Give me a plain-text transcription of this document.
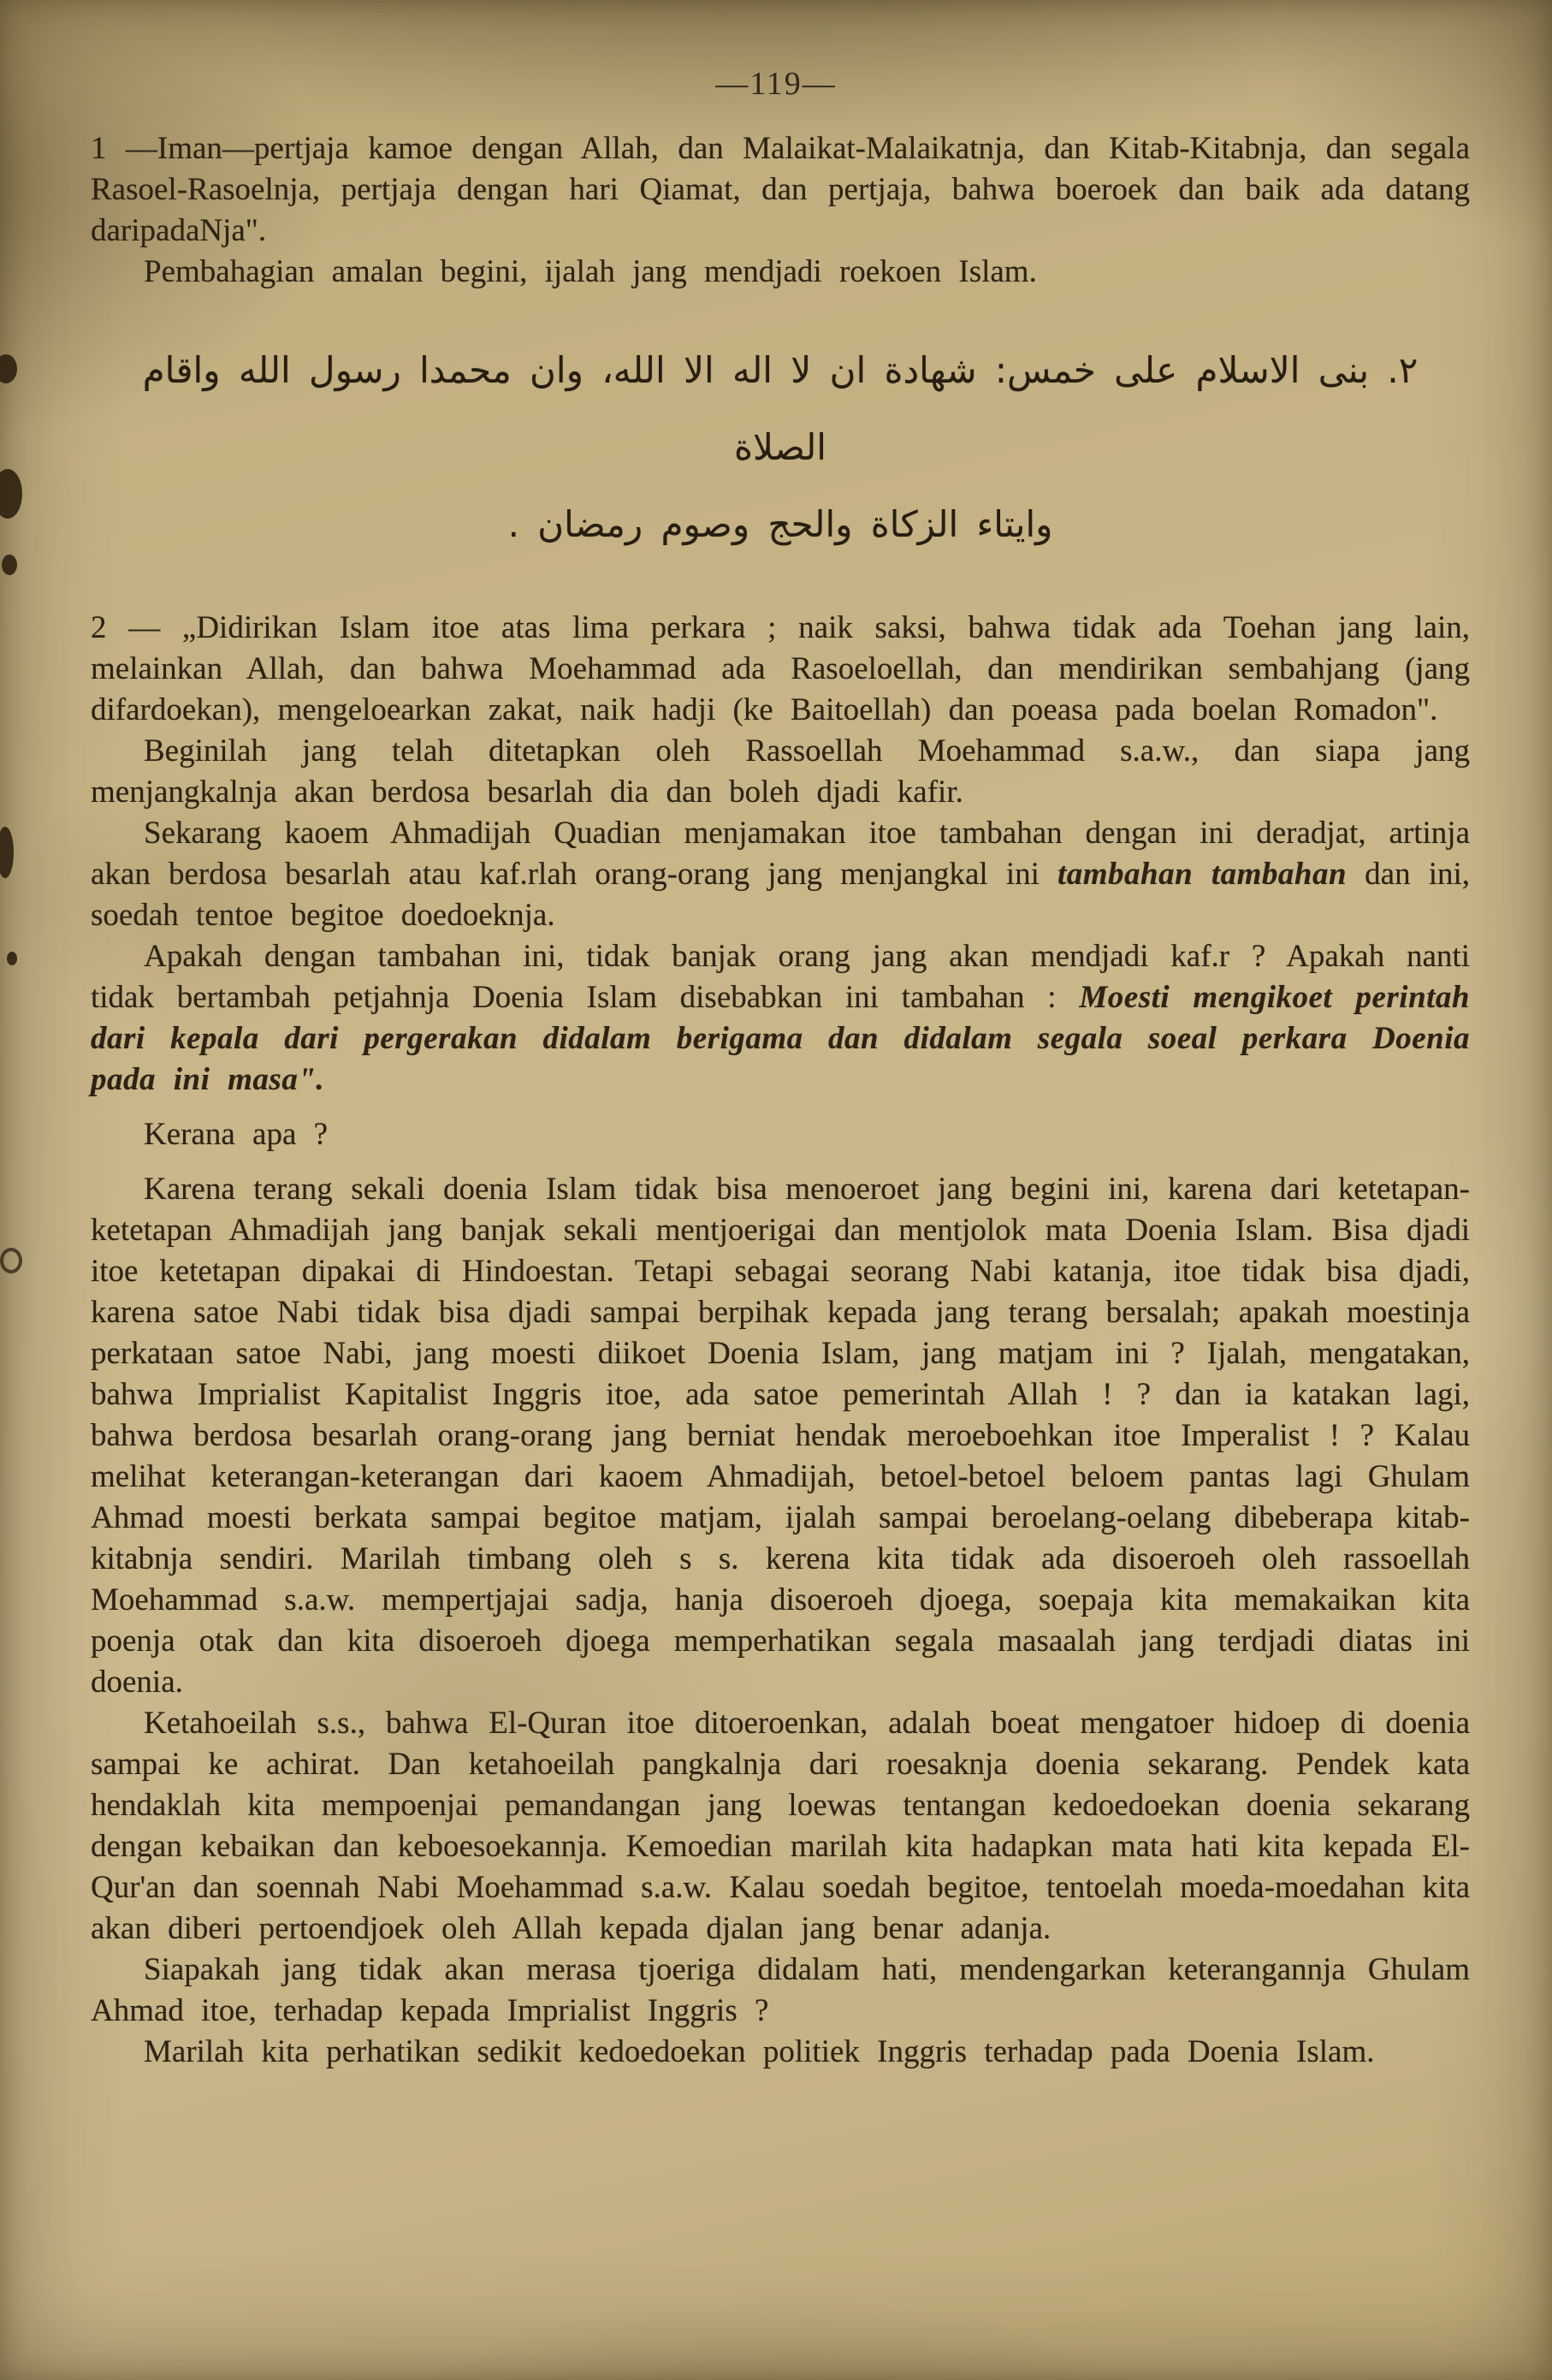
—119—

1 —Iman—pertjaja kamoe dengan Allah, dan Malaikat-Malaikatnja, dan Kitab-Kitabnja, dan segala Rasoel-Rasoelnja, pertjaja dengan hari Qiamat, dan pertjaja, bahwa boeroek dan baik ada datang daripadaNja".

Pembahagian amalan begini, ijalah jang mendjadi roekoen Islam.

٢. بنى الاسلام على خمس: شهادة ان لا اله الا الله، وان محمدا رسول الله واقام الصلاة

وايتاء الزكاة والحج وصوم رمضان .

2 — „Didirikan Islam itoe atas lima perkara ; naik saksi, bahwa tidak ada Toehan jang lain, melainkan Allah, dan bahwa Moehammad ada Rasoeloellah, dan mendirikan sembahjang (jang difardoekan), mengeloearkan zakat, naik hadji (ke Baitoellah) dan poeasa pada boelan Romadon".

Beginilah jang telah ditetapkan oleh Rassoellah Moehammad s.a.w., dan siapa jang menjangkalnja akan berdosa besarlah dia dan boleh djadi kafir.

Sekarang kaoem Ahmadijah Quadian menjamakan itoe tambahan dengan ini deradjat, artinja akan berdosa besarlah atau kaf.rlah orang-orang jang menjangkal ini tambahan tambahan dan ini, soedah tentoe begitoe doedoeknja.

Apakah dengan tambahan ini, tidak banjak orang jang akan mendjadi kaf.r ? Apakah nanti tidak bertambah petjahnja Doenia Islam disebabkan ini tambahan : Moesti mengikoet perintah dari kepala dari pergerakan didalam berigama dan didalam segala soeal perkara Doenia pada ini masa".

Kerana apa ?

Karena terang sekali doenia Islam tidak bisa menoeroet jang begini ini, karena dari ketetapan-ketetapan Ahmadijah jang banjak sekali mentjoerigai dan mentjolok mata Doenia Islam. Bisa djadi itoe ketetapan dipakai di Hindoestan. Tetapi sebagai seorang Nabi katanja, itoe tidak bisa djadi, karena satoe Nabi tidak bisa djadi sampai berpihak kepada jang terang bersalah; apakah moestinja perkataan satoe Nabi, jang moesti diikoet Doenia Islam, jang matjam ini ? Ijalah, mengatakan, bahwa Imprialist Kapitalist Inggris itoe, ada satoe pemerintah Allah ! ? dan ia katakan lagi, bahwa berdosa besarlah orang-orang jang berniat hendak meroeboehkan itoe Imperalist ! ? Kalau melihat keterangan-keterangan dari kaoem Ahmadijah, betoel-betoel beloem pantas lagi Ghulam Ahmad moesti berkata sampai begitoe matjam, ijalah sampai beroelang-oelang dibeberapa kitab-kitabnja sendiri. Marilah timbang oleh s s. kerena kita tidak ada disoeroeh oleh rassoellah Moehammad s.a.w. mempertjajai sadja, hanja disoeroeh djoega, soepaja kita memakaikan kita poenja otak dan kita disoeroeh djoega memperhatikan segala masaalah jang terdjadi diatas ini doenia.

Ketahoeilah s.s., bahwa El-Quran itoe ditoeroenkan, adalah boeat mengatoer hidoep di doenia sampai ke achirat. Dan ketahoeilah pangkalnja dari roesaknja doenia sekarang. Pendek kata hendaklah kita mempoenjai pemandangan jang loewas tentangan kedoedoekan doenia sekarang dengan kebaikan dan keboesoekannja. Kemoedian marilah kita hadapkan mata hati kita kepada El-Qur'an dan soennah Nabi Moehammad s.a.w. Kalau soedah begitoe, tentoelah moeda-moedahan kita akan diberi pertoendjoek oleh Allah kepada djalan jang benar adanja.

Siapakah jang tidak akan merasa tjoeriga didalam hati, mendengarkan keterangannja Ghulam Ahmad itoe, terhadap kepada Imprialist Inggris ?

Marilah kita perhatikan sedikit kedoedoekan politiek Inggris terhadap pada Doenia Islam.
